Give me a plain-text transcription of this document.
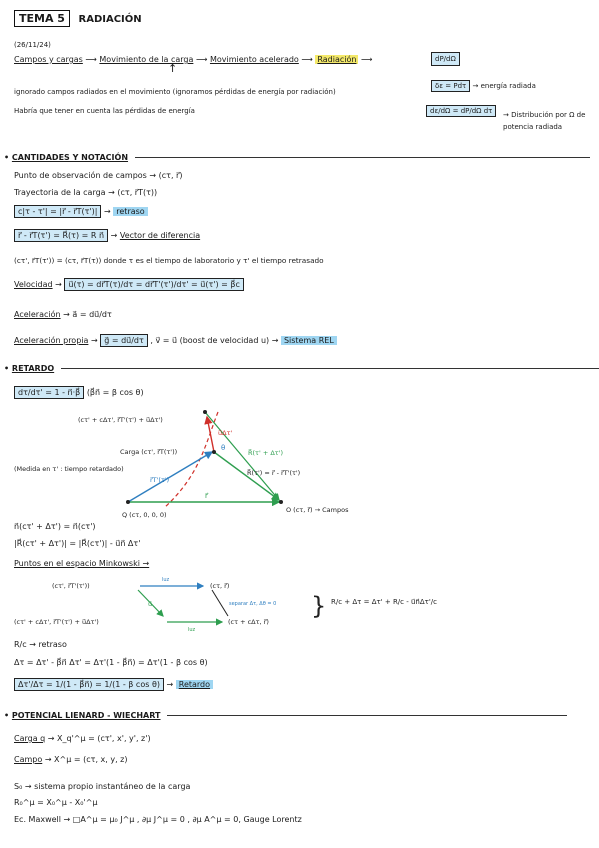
TEMA 5 RADIACIÓN
(26/11/24)
Campos y cargas ⟶ Movimiento de la carga ⟶ Movimiento acelerado ⟶ Radiación ⟶	dP/dΩ
↑
ignorado campos radiados en el movimiento (ignoramos pérdidas de energía por radiación)
Habría que tener en cuenta las pérdidas de energía
δε = Pdτ → energía radiada
dε/dΩ = dP/dΩ dτ	→ Distribución por Ω de potencia radiada
• CANTIDADES Y NOTACIÓN
Punto de observación de campos → (cτ, r⃗)
Trayectoria de la carga → (cτ, r⃗T(τ))
c|τ - τ'| = |r⃗ - r⃗T(τ')| → retraso
r⃗ - r⃗T(τ') = R⃗(τ) = R n⃗ → Vector de diferencia
(cτ', r⃗T(τ')) = (cτ, r⃗T(τ)) donde τ es el tiempo de laboratorio y τ' el tiempo retrasado
Velocidad → u⃗(τ) = dr⃗T(τ)/dτ = dr⃗T'(τ')/dτ' = u⃗(τ') = β⃗c
Aceleración → a⃗ = du⃗/dτ
Aceleración propia → g⃗ = du⃗/dτ , v⃗ = u⃗ (boost de velocidad u) → Sistema REL
• RETARDO
dτ/dτ' = 1 - n⃗·β⃗ (β⃗n⃗ = β cos θ)
(cτ' + cΔτ', r⃗T'(τ') + u⃗Δτ')
Carga (cτ', r⃗T(τ'))
(Medida en τ' : tiempo retardado)
r⃗T'(τ')
r⃗
R⃗(τ' + Δτ')
R⃗(τ') = r⃗ - r⃗T'(τ')
u⃗Δτ'
θ
Q (cτ, 0, 0, 0)
O (cτ, r⃗) → Campos
n⃗(cτ' + Δτ') = n⃗(cτ')
|R⃗(cτ' + Δτ')| = |R⃗(cτ')| - u⃗n⃗ Δτ'
Puntos en el espacio Minkowski →
(cτ', r⃗T'(τ'))	(cτ, r⃗)
(cτ' + cΔτ', r⃗T'(τ') + u⃗Δτ')	(cτ + cΔτ, r⃗)
luz
luz
u⃗	separar Δτ, Δθ = 0 } R/c + Δτ = Δτ' + R/c - u⃗n⃗Δτ'/c
R/c → retraso
Δτ = Δτ' - β⃗n⃗ Δτ' = Δτ'(1 - β⃗n⃗) = Δτ'(1 - β cos θ)
Δτ'/Δτ = 1/(1 - β⃗n⃗) = 1/(1 - β cos θ) → Retardo
• POTENCIAL LIENARD - WIECHART
Carga q → X_q'^μ = (cτ', x', y', z')
Campo → X^μ = (cτ, x, y, z)
S₀ → sistema propio instantáneo de la carga
R₀^μ = X₀^μ - X₀'^μ
Ec. Maxwell → □A^μ = μ₀ J^μ , ∂μ J^μ = 0 , ∂μ A^μ = 0, Gauge Lorentz
